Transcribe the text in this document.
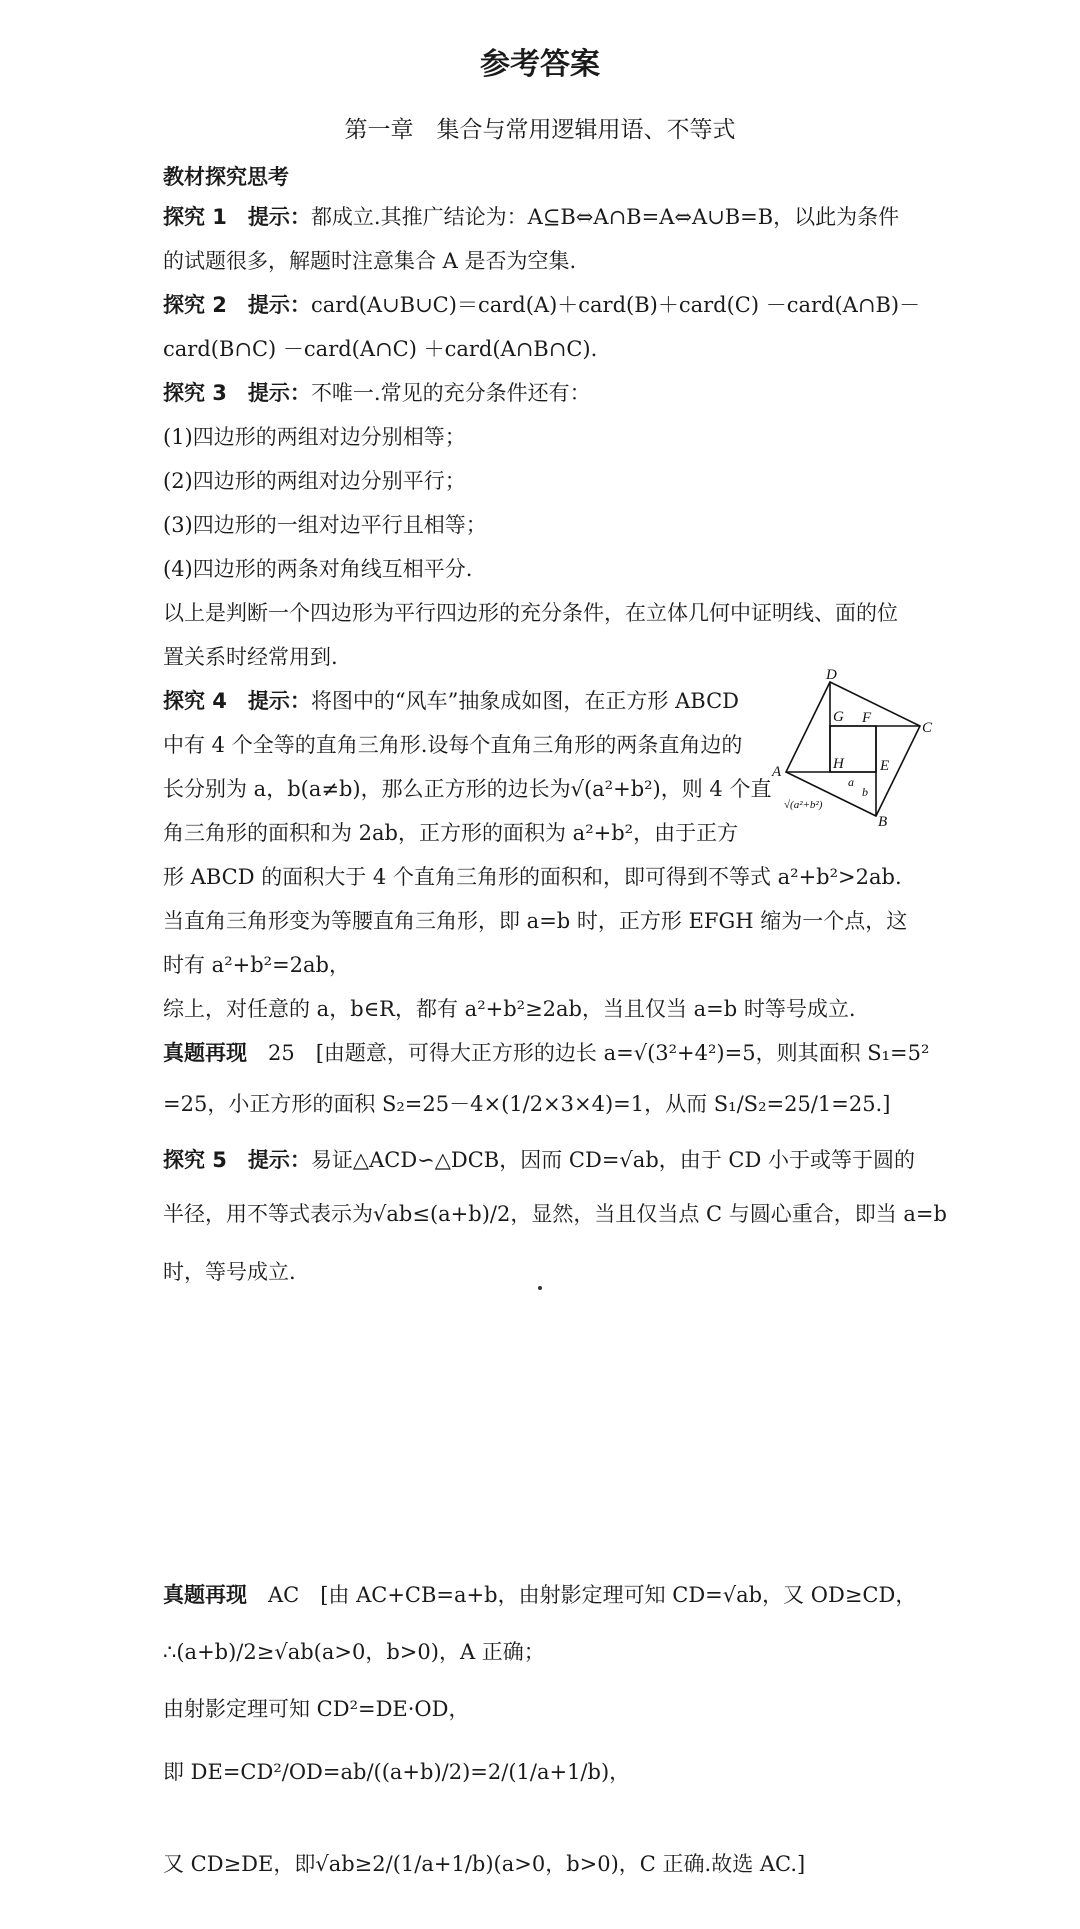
参考答案
第一章　集合与常用逻辑用语、不等式
教材探究思考
探究 1　提示：都成立.其推广结论为：A⊆B⇔A∩B=A⇔A∪B=B，以此为条件
的试题很多，解题时注意集合 A 是否为空集.
探究 2　提示：card(A∪B∪C)＝card(A)＋card(B)＋card(C) －card(A∩B)－
card(B∩C) －card(A∩C) ＋card(A∩B∩C).
探究 3　提示：不唯一.常见的充分条件还有：
(1)四边形的两组对边分别相等；
(2)四边形的两组对边分别平行；
(3)四边形的一组对边平行且相等；
(4)四边形的两条对角线互相平分.
以上是判断一个四边形为平行四边形的充分条件，在立体几何中证明线、面的位
置关系时经常用到.
探究 4　提示：将图中的“风车”抽象成如图，在正方形 ABCD
中有 4 个全等的直角三角形.设每个直角三角形的两条直角边的
长分别为 a，b(a≠b)，那么正方形的边长为√(a²+b²)，则 4 个直
角三角形的面积和为 2ab，正方形的面积为 a²+b²，由于正方
形 ABCD 的面积大于 4 个直角三角形的面积和，即可得到不等式 a²+b²>2ab.
当直角三角形变为等腰直角三角形，即 a=b 时，正方形 EFGH 缩为一个点，这
时有 a²+b²=2ab，
综上，对任意的 a，b∈R，都有 a²+b²≥2ab，当且仅当 a=b 时等号成立.
真题再现　25　[由题意，可得大正方形的边长 a=√(3²+4²)=5，则其面积 S₁=5²
=25，小正方形的面积 S₂=25－4×(1/2×3×4)=1，从而 S₁/S₂=25/1=25.]
探究 5　提示：易证△ACD∽△DCB，因而 CD=√ab，由于 CD 小于或等于圆的
半径，用不等式表示为√ab≤(a+b)/2，显然，当且仅当点 C 与圆心重合，即当 a=b
时，等号成立.
真题再现　AC　[由 AC+CB=a+b，由射影定理可知 CD=√ab，又 OD≥CD，
∴(a+b)/2≥√ab(a>0，b>0)，A 正确；
由射影定理可知 CD²=DE·OD，
即 DE=CD²/OD=ab/((a+b)/2)=2/(1/a+1/b)，
又 CD≥DE，即√ab≥2/(1/a+1/b)(a>0，b>0)，C 正确.故选 AC.]
D
G F
C
H
A
a
E
b
√(a²+b²)
B
